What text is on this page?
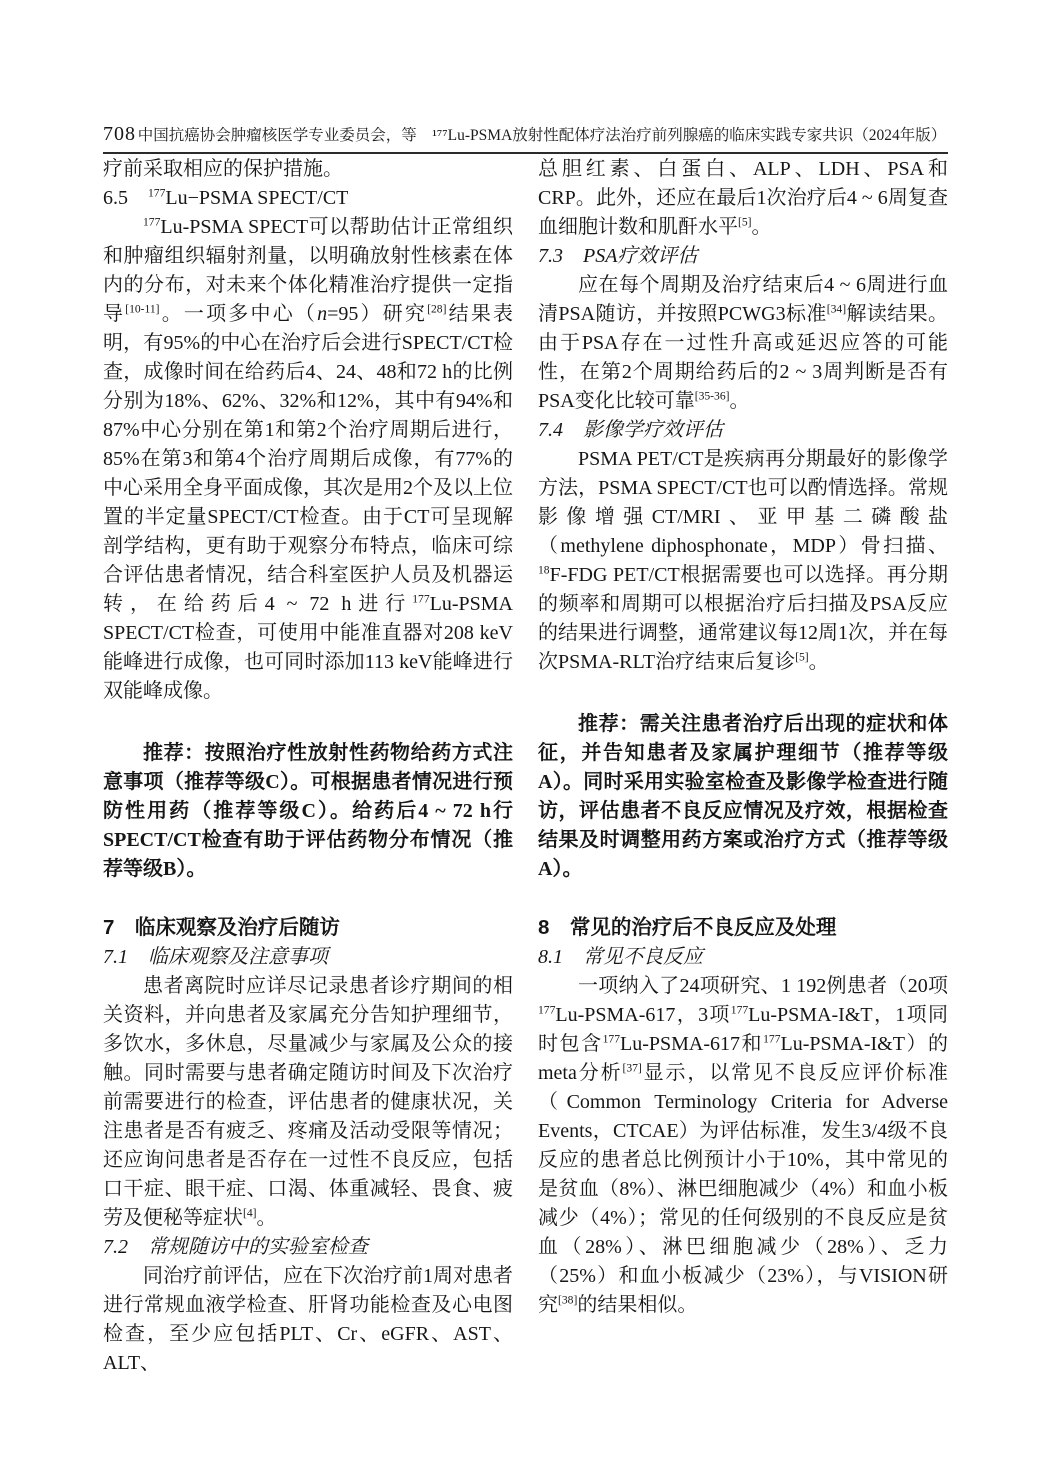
708 中国抗癌协会肿瘤核医学专业委员会，等　¹⁷⁷Lu-PSMA放射性配体疗法治疗前列腺癌的临床实践专家共识（2024年版）
疗前采取相应的保护措施。
6.5　$^{177}$Lu−PSMA SPECT/CT
$^{177}$Lu-PSMA SPECT可以帮助估计正常组织和肿瘤组织辐射剂量，以明确放射性核素在体内的分布，对未来个体化精准治疗提供一定指导[10-11]。一项多中心（n=95）研究[28]结果表明，有95%的中心在治疗后会进行SPECT/CT检查，成像时间在给药后4、24、48和72 h的比例分别为18%、62%、32%和12%，其中有94%和87%中心分别在第1和第2个治疗周期后进行，85%在第3和第4个治疗周期后成像，有77%的中心采用全身平面成像，其次是用2个及以上位置的半定量SPECT/CT检查。由于CT可呈现解剖学结构，更有助于观察分布特点，临床可综合评估患者情况，结合科室医护人员及机器运转，在给药后4 ~ 72 h进行$^{177}$Lu-PSMA SPECT/CT检查，可使用中能准直器对208 keV能峰进行成像，也可同时添加113 keV能峰进行双能峰成像。
推荐：按照治疗性放射性药物给药方式注意事项（推荐等级C）。可根据患者情况进行预防性用药（推荐等级C）。给药后4 ~ 72 h行SPECT/CT检查有助于评估药物分布情况（推荐等级B）。
7　临床观察及治疗后随访
7.1　临床观察及注意事项
患者离院时应详尽记录患者诊疗期间的相关资料，并向患者及家属充分告知护理细节，多饮水，多休息，尽量减少与家属及公众的接触。同时需要与患者确定随访时间及下次治疗前需要进行的检查，评估患者的健康状况，关注患者是否有疲乏、疼痛及活动受限等情况；还应询问患者是否存在一过性不良反应，包括口干症、眼干症、口渴、体重减轻、畏食、疲劳及便秘等症状[4]。
7.2　常规随访中的实验室检查
同治疗前评估，应在下次治疗前1周对患者进行常规血液学检查、肝肾功能检查及心电图检查，至少应包括PLT、Cr、eGFR、AST、ALT、
总胆红素、白蛋白、ALP、LDH、PSA和CRP。此外，还应在最后1次治疗后4 ~ 6周复查血细胞计数和肌酐水平[5]。
7.3　PSA疗效评估
应在每个周期及治疗结束后4 ~ 6周进行血清PSA随访，并按照PCWG3标准[34]解读结果。由于PSA存在一过性升高或延迟应答的可能性，在第2个周期给药后的2 ~ 3周判断是否有PSA变化比较可靠[35-36]。
7.4　影像学疗效评估
PSMA PET/CT是疾病再分期最好的影像学方法，PSMA SPECT/CT也可以酌情选择。常规影像增强CT/MRI、亚甲基二磷酸盐（methylene diphosphonate，MDP）骨扫描、$^{18}$F-FDG PET/CT根据需要也可以选择。再分期的频率和周期可以根据治疗后扫描及PSA反应的结果进行调整，通常建议每12周1次，并在每次PSMA-RLT治疗结束后复诊[5]。
推荐：需关注患者治疗后出现的症状和体征，并告知患者及家属护理细节（推荐等级A）。同时采用实验室检查及影像学检查进行随访，评估患者不良反应情况及疗效，根据检查结果及时调整用药方案或治疗方式（推荐等级A）。
8　常见的治疗后不良反应及处理
8.1　常见不良反应
一项纳入了24项研究、1 192例患者（20项$^{177}$Lu-PSMA-617，3项$^{177}$Lu-PSMA-I&T，1项同时包含$^{177}$Lu-PSMA-617和$^{177}$Lu-PSMA-I&T）的meta分析[37]显示，以常见不良反应评价标准（Common Terminology Criteria for Adverse Events，CTCAE）为评估标准，发生3/4级不良反应的患者总比例预计小于10%，其中常见的是贫血（8%）、淋巴细胞减少（4%）和血小板减少（4%）；常见的任何级别的不良反应是贫血（28%）、淋巴细胞减少（28%）、乏力（25%）和血小板减少（23%），与VISION研究[38]的结果相似。
